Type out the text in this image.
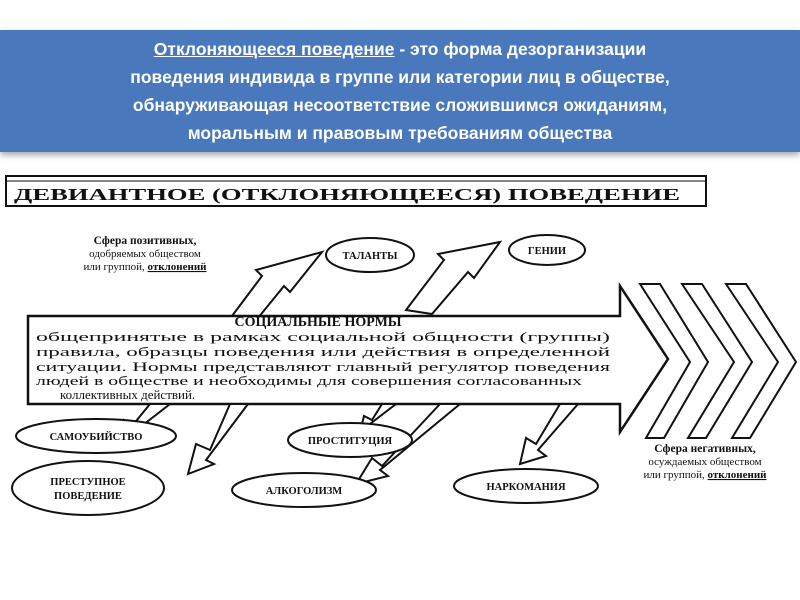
Отклоняющееся поведение - это форма дезорганизации
поведения индивида в группе или категории лиц в обществе,
обнаруживающая несоответствие сложившимся ожиданиям,
моральным и правовым требованиям общества
ДЕВИАНТНОЕ (ОТКЛОНЯЮЩЕЕСЯ) ПОВЕДЕНИЕ
Сфера позитивных,
одобряемых обществом
или группой, отклонений
Сфера негативных,
осуждаемых обществом
или группой, отклонений
ТАЛАНТЫ	ГЕНИИ
СОЦИАЛЬНЫЕ НОРМЫ
общепринятые в рамках социальной общности (группы)
правила, образцы поведения или действия в определенной
ситуации. Нормы представляют главный регулятор поведения
людей в обществе и необходимы для совершения согласованных
коллективных действий.
САМОУБИЙСТВО	ПРОСТИТУЦИЯ
ПРЕСТУПНОЕ
ПОВЕДЕНИЕ	АЛКОГОЛИЗМ	НАРКОМАНИЯ
